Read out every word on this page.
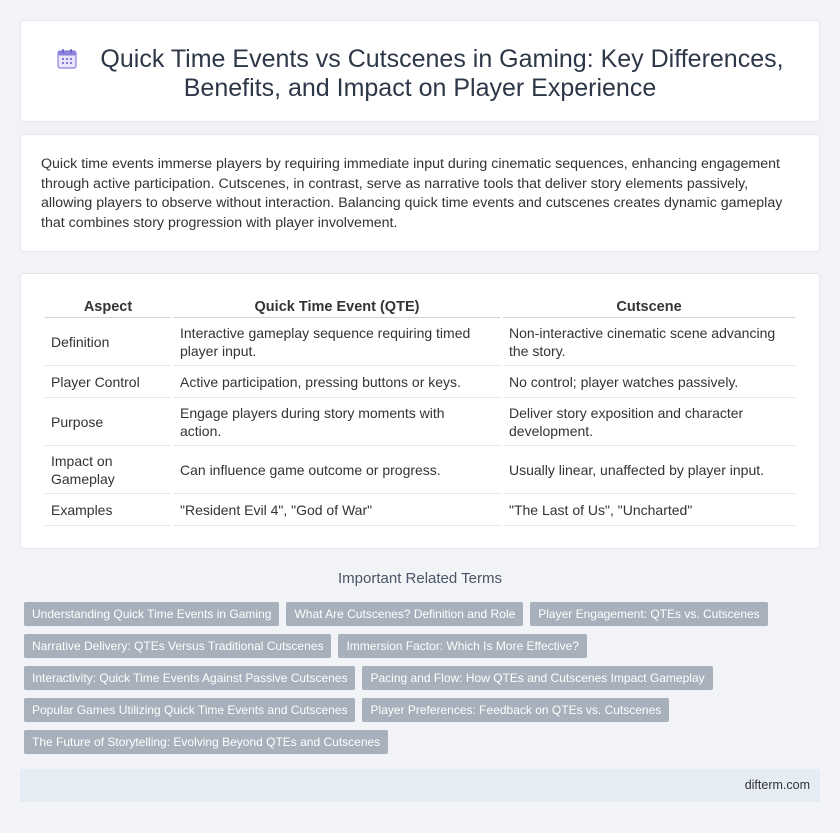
Quick Time Events vs Cutscenes in Gaming: Key Differences, Benefits, and Impact on Player Experience

Quick time events immerse players by requiring immediate input during cinematic sequences, enhancing engagement through active participation. Cutscenes, in contrast, serve as narrative tools that deliver story elements passively, allowing players to observe without interaction. Balancing quick time events and cutscenes creates dynamic gameplay that combines story progression with player involvement.

Aspect	Quick Time Event (QTE)	Cutscene
Definition	Interactive gameplay sequence requiring timed player input.	Non-interactive cinematic scene advancing the story.
Player Control	Active participation, pressing buttons or keys.	No control; player watches passively.
Purpose	Engage players during story moments with action.	Deliver story exposition and character development.
Impact on Gameplay	Can influence game outcome or progress.	Usually linear, unaffected by player input.
Examples	"Resident Evil 4", "God of War"	"The Last of Us", "Uncharted"
Important Related Terms
Understanding Quick Time Events in Gaming What Are Cutscenes? Definition and Role Player Engagement: QTEs vs. Cutscenes
Narrative Delivery: QTEs Versus Traditional Cutscenes Immersion Factor: Which Is More Effective?
Interactivity: Quick Time Events Against Passive Cutscenes Pacing and Flow: How QTEs and Cutscenes Impact Gameplay
Popular Games Utilizing Quick Time Events and Cutscenes Player Preferences: Feedback on QTEs vs. Cutscenes
The Future of Storytelling: Evolving Beyond QTEs and Cutscenes
difterm.com
